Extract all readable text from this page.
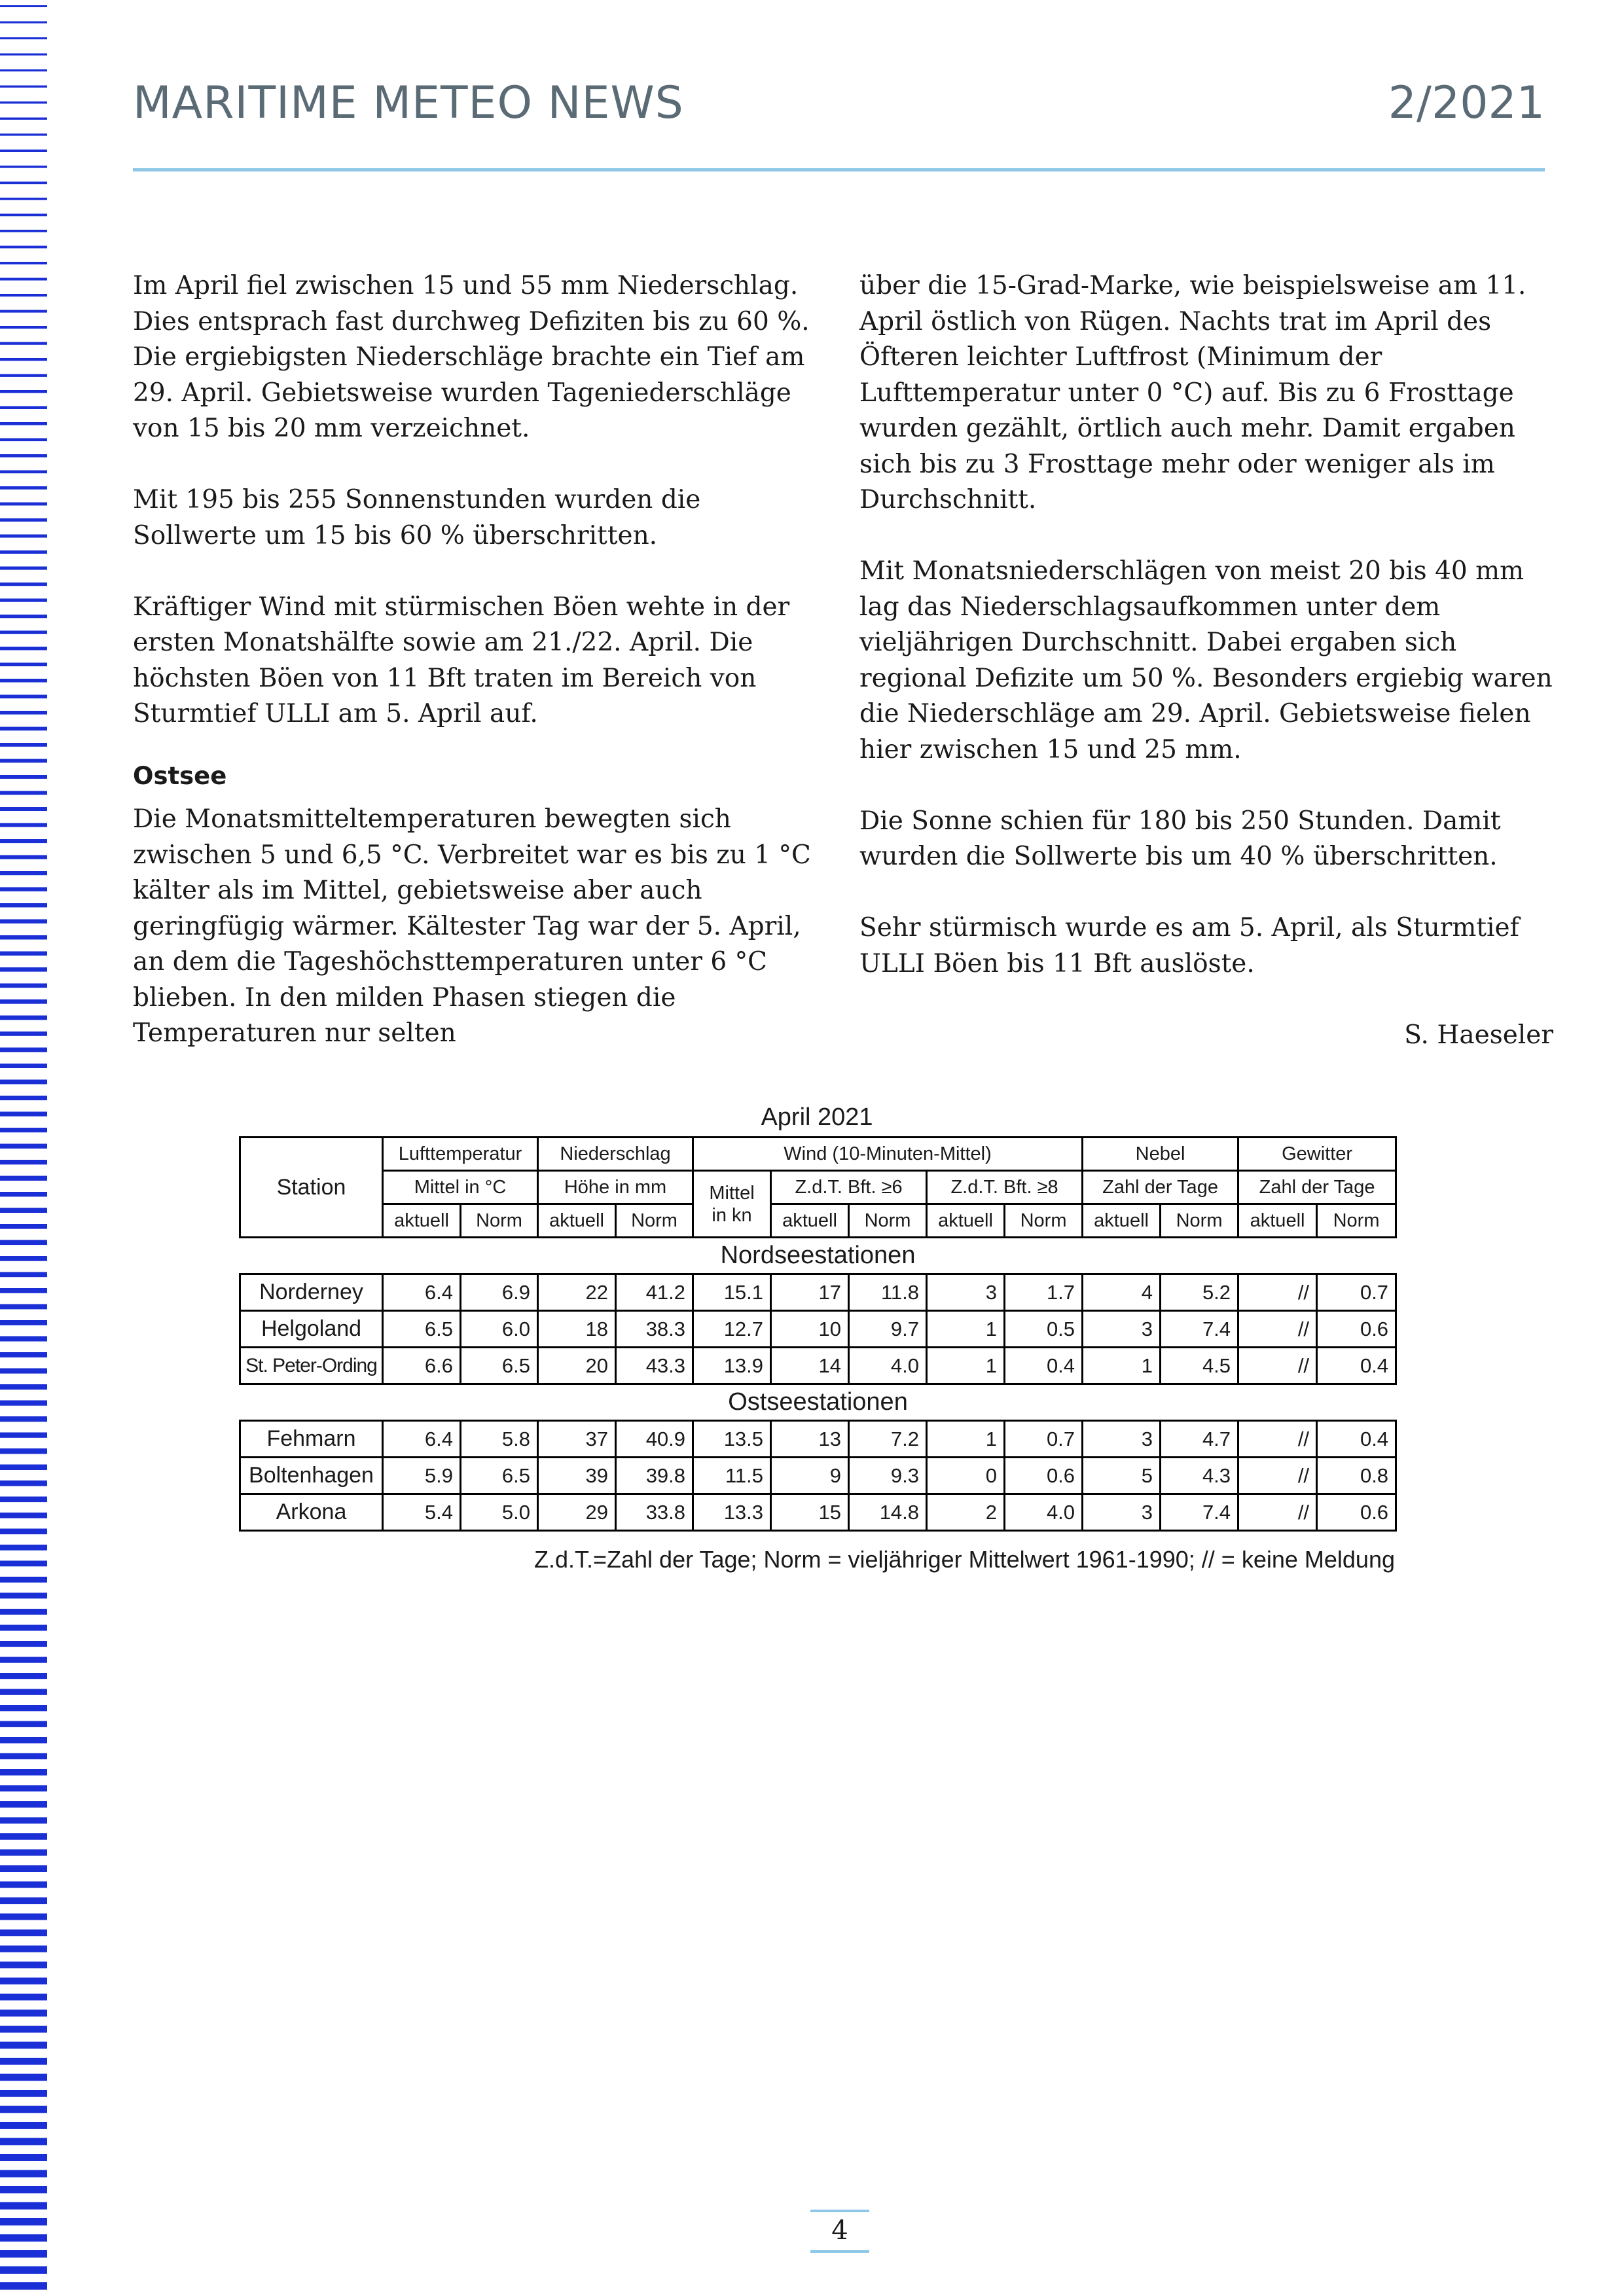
MARITIME METEO NEWS	2/2021

Im April fiel zwischen 15 und 55 mm Niederschlag. Dies entsprach fast durchweg Defiziten bis zu 60 %. Die ergiebigsten Niederschläge brachte ein Tief am 29. April. Gebietsweise wurden Tageniederschläge von 15 bis 20 mm verzeichnet.

Mit 195 bis 255 Sonnenstunden wurden die Sollwerte um 15 bis 60 % überschritten.

Kräftiger Wind mit stürmischen Böen wehte in der ersten Monatshälfte sowie am 21./22. April. Die höchsten Böen von 11 Bft traten im Bereich von Sturmtief ULLI am 5. April auf.

Ostsee

Die Monatsmitteltemperaturen bewegten sich zwischen 5 und 6,5 °C. Verbreitet war es bis zu 1 °C kälter als im Mittel, gebietsweise aber auch geringfügig wärmer. Kältester Tag war der 5. April, an dem die Tageshöchsttemperaturen unter 6 °C blieben. In den milden Phasen stiegen die Temperaturen nur selten

über die 15-Grad-Marke, wie beispielsweise am 11. April östlich von Rügen. Nachts trat im April des Öfteren leichter Luftfrost (Minimum der Lufttemperatur unter 0 °C) auf. Bis zu 6 Frosttage wurden gezählt, örtlich auch mehr. Damit ergaben sich bis zu 3 Frosttage mehr oder weniger als im Durchschnitt.

Mit Monatsniederschlägen von meist 20 bis 40 mm lag das Niederschlagsaufkommen unter dem vieljährigen Durchschnitt. Dabei ergaben sich regional Defizite um 50 %. Besonders ergiebig waren die Niederschläge am 29. April. Gebietsweise fielen hier zwischen 15 und 25 mm.

Die Sonne schien für 180 bis 250 Stunden. Damit wurden die Sollwerte bis um 40 % überschritten.

Sehr stürmisch wurde es am 5. April, als Sturmtief ULLI Böen bis 11 Bft auslöste.

S. Haeseler

April 2021
Station	Lufttemperatur		Niederschlag		Wind (10-Minuten-Mittel)					Nebel		Gewitter	
	Mittel in °C		Höhe in mm		Mittel in kn	Z.d.T. Bft. ≥6		Z.d.T. Bft. ≥8		Zahl der Tage		Zahl der Tage	
	aktuell	Norm	aktuell	Norm		aktuell	Norm	aktuell	Norm	aktuell	Norm	aktuell	Norm
Nordseestationen													
Norderney	6.4	6.9	22	41.2	15.1	17	11.8	3	1.7	4	5.2	//	0.7
Helgoland	6.5	6.0	18	38.3	12.7	10	9.7	1	0.5	3	7.4	//	0.6
St. Peter-Ording	6.6	6.5	20	43.3	13.9	14	4.0	1	0.4	1	4.5	//	0.4
Ostseestationen													
Fehmarn	6.4	5.8	37	40.9	13.5	13	7.2	1	0.7	3	4.7	//	0.4
Boltenhagen	5.9	6.5	39	39.8	11.5	9	9.3	0	0.6	5	4.3	//	0.8
Arkona	5.4	5.0	29	33.8	13.3	15	14.8	2	4.0	3	7.4	//	0.6
Z.d.T.=Zahl der Tage; Norm = vieljähriger Mittelwert 1961-1990; // = keine Meldung
4
